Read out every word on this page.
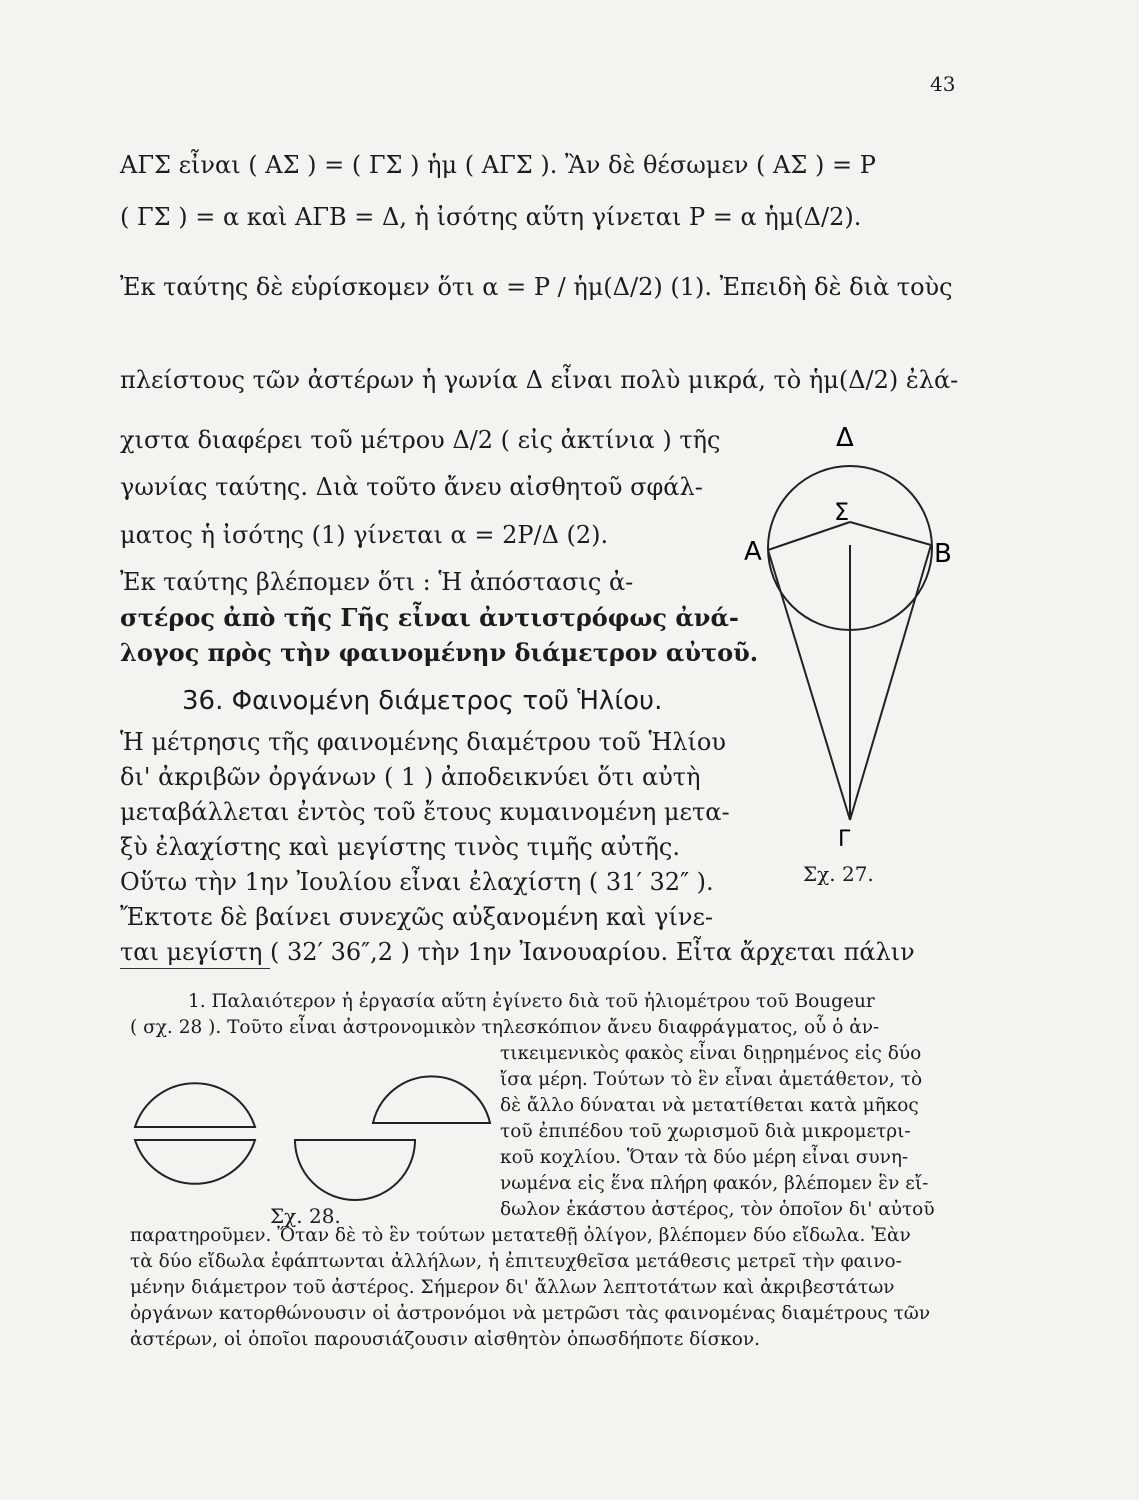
43
ΑΓΣ εἶναι ( ΑΣ ) = ( ΓΣ ) ἡμ ( ΑΓΣ ). Ἂν δὲ θέσωμεν ( ΑΣ ) = Ρ
( ΓΣ ) = α καὶ ΑΓΒ = Δ, ἡ ἰσότης αὕτη γίνεται Ρ = α ἡμ(Δ/2).
Ἐκ ταύτης δὲ εὑρίσκομεν ὅτι α = Ρ / ἡμ(Δ/2) (1). Ἐπειδὴ δὲ διὰ τοὺς
πλείστους τῶν ἀστέρων ἡ γωνία Δ εἶναι πολὺ μικρά, τὸ ἡμ(Δ/2) ἐλά-
χιστα διαφέρει τοῦ μέτρου Δ/2 ( εἰς ἀκτίνια ) τῆς
γωνίας ταύτης. Διὰ τοῦτο ἄνευ αἰσθητοῦ σφάλ-
ματος ἡ ἰσότης (1) γίνεται α = 2Ρ/Δ (2).
Ἐκ ταύτης βλέπομεν ὅτι : Ἡ ἀπόστασις ἀ-
στέρος ἀπὸ τῆς Γῆς εἶναι ἀντιστρόφως ἀνά-
λογος πρὸς τὴν φαινομένην διάμετρον αὐτοῦ.
36. Φαινομένη διάμετρος τοῦ Ἡλίου.
Ἡ μέτρησις τῆς φαινομένης διαμέτρου τοῦ Ἡλίου
δι' ἀκριβῶν ὀργάνων ( 1 ) ἀποδεικνύει ὅτι αὐτὴ
μεταβάλλεται ἐντὸς τοῦ ἔτους κυμαινομένη μετα-
ξὺ ἐλαχίστης καὶ μεγίστης τινὸς τιμῆς αὐτῆς.
Οὕτω τὴν 1ην Ἰουλίου εἶναι ἐλαχίστη ( 31′ 32″ ).
Ἔκτοτε δὲ βαίνει συνεχῶς αὐξανομένη καὶ γίνε-
ται μεγίστη ( 32′ 36″,2 ) τὴν 1ην Ἰανουαρίου. Εἶτα ἄρχεται πάλιν
Δ
Σ
Α	Β
Γ
Σχ. 27.
1. Παλαιότερον ἡ ἐργασία αὕτη ἐγίνετο διὰ τοῦ ἡλιομέτρου τοῦ Bougeur
( σχ. 28 ). Τοῦτο εἶναι ἀστρονομικὸν τηλεσκόπιον ἄνευ διαφράγματος, οὗ ὁ ἀν-
τικειμενικὸς φακὸς εἶναι διῃρημένος εἰς δύο
ἴσα μέρη. Τούτων τὸ ἓν εἶναι ἀμετάθετον, τὸ
δὲ ἄλλο δύναται νὰ μετατίθεται κατὰ μῆκος
τοῦ ἐπιπέδου τοῦ χωρισμοῦ διὰ μικρομετρι-
κοῦ κοχλίου. Ὅταν τὰ δύο μέρη εἶναι συνη-
νωμένα εἰς ἕνα πλήρη φακόν, βλέπομεν ἓν εἴ-
δωλον ἑκάστου ἀστέρος, τὸν ὁποῖον δι' αὐτοῦ
παρατηροῦμεν. Ὅταν δὲ τὸ ἓν τούτων μετατεθῇ ὀλίγον, βλέπομεν δύο εἴδωλα. Ἐὰν
τὰ δύο εἴδωλα ἐφάπτωνται ἀλλήλων, ἡ ἐπιτευχθεῖσα μετάθεσις μετρεῖ τὴν φαινο-
μένην διάμετρον τοῦ ἀστέρος. Σήμερον δι' ἄλλων λεπτοτάτων καὶ ἀκριβεστάτων
ὀργάνων κατορθώνουσιν οἱ ἀστρονόμοι νὰ μετρῶσι τὰς φαινομένας διαμέτρους τῶν
ἀστέρων, οἱ ὁποῖοι παρουσιάζουσιν αἰσθητὸν ὁπωσδήποτε δίσκον.
Σχ. 28.
